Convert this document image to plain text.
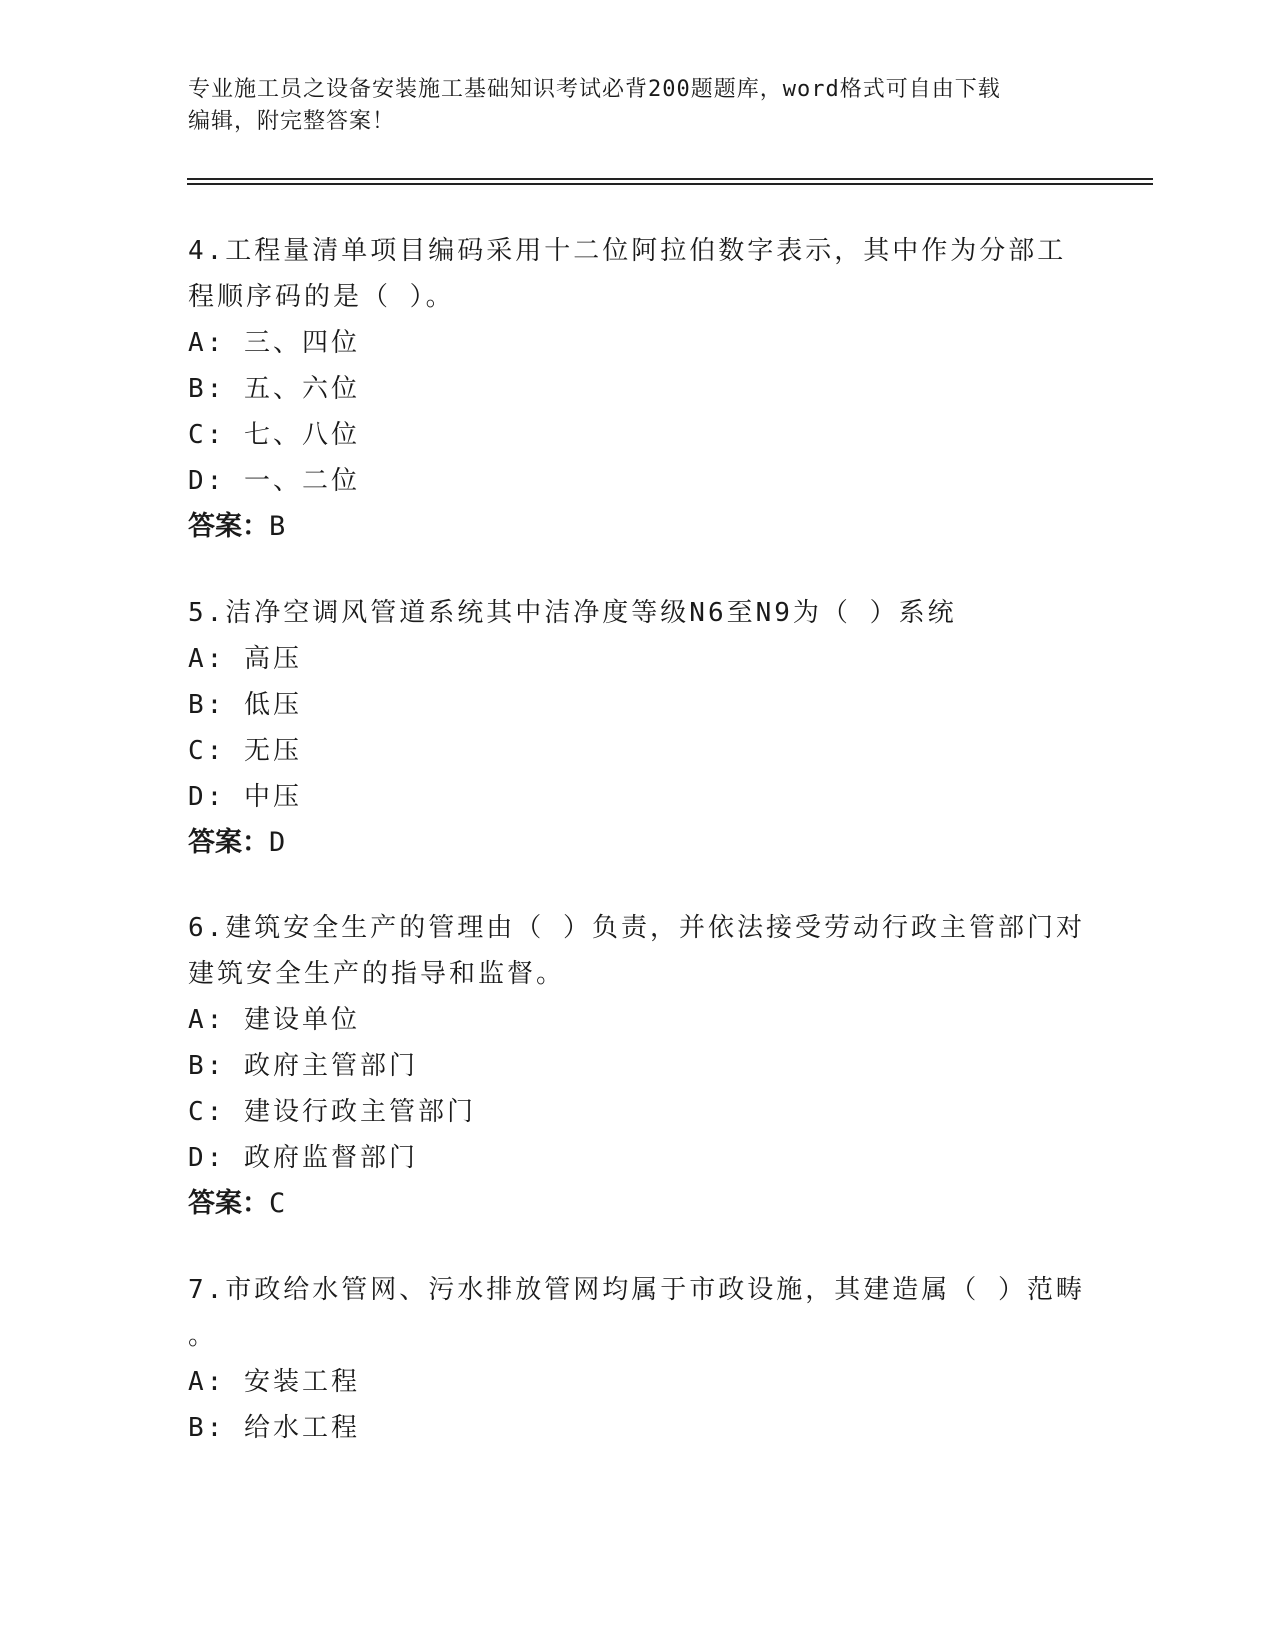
专业施工员之设备安装施工基础知识考试必背200题题库，word格式可自由下载
编辑，附完整答案！

4.工程量清单项目编码采用十二位阿拉伯数字表示，其中作为分部工

程顺序码的是（ ）。

A: 三、四位

B: 五、六位

C: 七、八位

D: 一、二位

答案：B

5.洁净空调风管道系统其中洁净度等级N6至N9为（ ）系统

A: 高压

B: 低压

C: 无压

D: 中压

答案：D

6.建筑安全生产的管理由（ ）负责，并依法接受劳动行政主管部门对

建筑安全生产的指导和监督。

A: 建设单位

B: 政府主管部门

C: 建设行政主管部门

D: 政府监督部门

答案：C

7.市政给水管网、污水排放管网均属于市政设施，其建造属（ ）范畴

。

A: 安装工程

B: 给水工程
